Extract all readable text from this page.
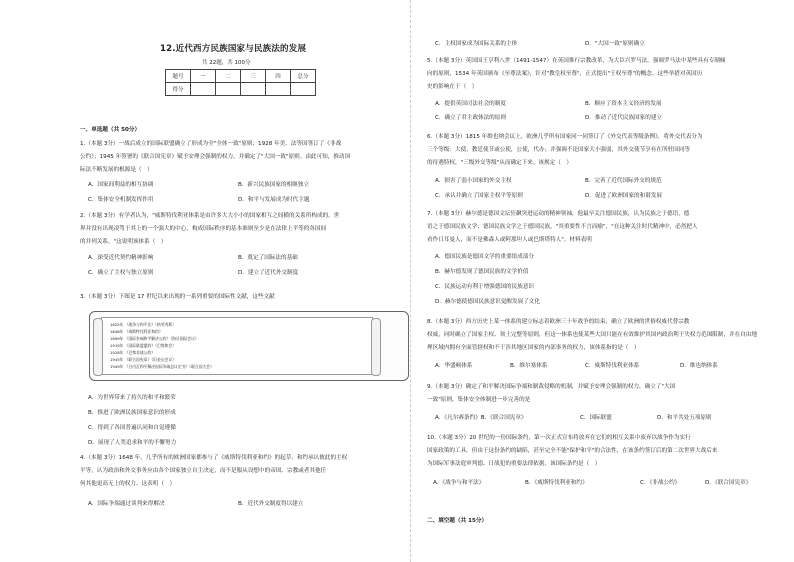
12.近代西方民族国家与民族法的发展
共 22题，共 100分
题号	一	二	三	四	总分
得分					
一、单选题（共 50分）
1.（本题 3分）一战后成立的国际联盟确立了形成为全"全体一致"原则；1928 年美、法等国签订了《非战
公约》；1945 年签署的《联合国宪章》赋予安理会强制的权力，并确定了"大国一致"原则。由此可知，推动国
际法不断发展的根源是（　）
A．国家间利益的相互协调	B．新兴民族国家的相继独立
C．集体安全机制发挥作用	D．和平与发展成为时代主题
2.（本题 3分）有学者认为，"威斯特伐利亚体系是由许多大大小小的国家相互之间横的关系所构成的，世
界并没有出现凌驾于其上的一个强大的中心，构成国际秩序的基本准则至少是在法律上平等的各国间
的并列关系。"这说明该体系（　）
A．深受近代契约精神影响	B．奠定了国际法的基础
C．确立了主权与独立原则	D．建立了近代外交制度
3.（本题 3分）下图是 17 世纪以来出现的一系列重要的国际性文献，这些文献
1625年 《战争与和平法》（格劳秀斯）
1648年 《威斯特伐利亚和约》
1899年 《国际争端和平解决公约》（海牙国际会议）
1919年 《国际联盟盟约》（巴黎和会）
1928年 《巴黎非战公约》
1945年 《联合国宪章》（旧金山会议）
1949年 《日内瓦和平解决国际争端总议定书》（联合国大会）
A．为世界带来了持久的和平和繁荣
B．推进了欧洲民族国家意识的形成
C．得到了各国普遍认同和自觉遵循
D．展现了人类追求和平的不懈努力
4.（本题 3分）1648 年，几乎所有的欧洲国家都参与了《威斯特伐利亚和约》的起草，和约承认彼此的主权
平等，认为政治和外交事务应由各个国家独立自主决定，而不是服从设想中的帝国、宗教或者其他任
何其他更高无上的权力。这表明（　）
A．国际争端通过谈判来得解决	B．近代外交制度得以建立
C．主权国家成为国际关系的主体	D．"大国一致"原则确立
5.（本题 3分）英国国王亨利八世（1491-1547）在英国推行宗教改革，为大臣兴罗马法，强调罗马法中某些具有专制倾
向的原则，1534 年英国颁布《至尊法案》，针对"教皇权至尊"，正式提出"王权至尊"的概念。这些举措对英国历
史的影响在于（　）
A．提供英国司法社会的制度	B．顺应了资本主义经济的发展
C．确立了君主政体法的原则	D．推动了近代民族国家的建立
6.（本题 3分）1815 年维也纳会议上，欧洲几乎所有国家同一同签订了《外交代表等级条例》，将外交代表分为
三个等级：大使、教廷使节或公使，公使，代办；并强调不论国家大小强弱，其外交使节享有在所驻国同等
的待遇特权，"三级外交等级"从而确定下来。该规定（　）
A．损害了弱小国家的外交主权	B．完善了近代国际外交的规范
C．承认并确立了国家主权平等原则	D．促进了欧洲国家的和谐发展
7.（本题 3分）赫尔德是德国文坛狂飙突进运动的精神领袖，他最早关注德国民族，认为民族之于德语，德
语之于德国民族文学；德国民族文学之于德国民族，"其重要性不言而喻"，"在这种关注时代精神中，必然把人
看作日耳曼人，而不是佛森人或阿那坦人或巴斯塔特人"。材料表明
A．德国民族是德国文学的重要组成部分
B．赫尔德发现了德国民族的文学价值
C．民族运动有利于增强德国的民族意识
D．赫尔德使德国民族意识觉醒发展了文化
8.（本题 3分）西方历史上某一体系的建立标志着欧洲三十年战争的结束，确立了欧洲的世俗权威代替宗教
权威，同时确立了国家主权、领土完整等原则，但这一体系也使某些大国只能在有效维护其国内政治利于失权力范围限制，并在自由地
理区域内拥有全面管辖权和不干涉其地区国家的内部事务的权力，该体系指的是（　）
A．华盛顿体系	B．维尔塞体系	C．威斯特伐利亚体系	D．维也纳体系
9.（本题 3分）确定了和平解决国际争端和制裁侵略的机制，并赋予安理会强制的权力，确立了"大国
一致"原则，集体安全体制进一步完善的是
A．《凡尔赛条约》B．《联合国宪章》	C．国际联盟	D．和平共处五项原则
10.（本题 3分）20 世纪的一份国际条约，第一次正式宣布将放弃在它们的相互关系中废弃以战争作为实行
国家政策的工具。但由于这份条约的缺陷，甚至完全不能"保护和平"的合法性，在该条约签订后的第二次世界大战后来
为国际军事法庭审判德、日战犯的重要法律依据。该国际条约是（　）
A．《战争与和平法》	B．《威斯特伐利亚和约》	C．《非战公约》	D．《联合国宪章》
二、填空题（共 15分）
